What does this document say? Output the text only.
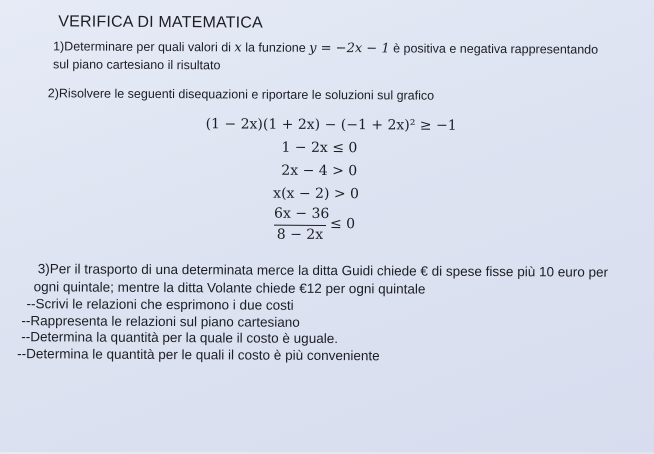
VERIFICA DI MATEMATICA
1)Determinare per quali valori di x la funzione y = −2x − 1 è positiva e negativa rappresentando
sul piano cartesiano il risultato
2)Risolvere le seguenti disequazioni e riportare le soluzioni sul grafico
(1 − 2x)(1 + 2x) − (−1 + 2x)² ≥ −1
1 − 2x ≤ 0
2x − 4 > 0
x(x − 2) > 0
6x − 36
8 − 2x
≤ 0
3)Per il trasporto di una determinata merce la ditta Guidi chiede € di spese fisse più 10 euro per
ogni quintale; mentre la ditta Volante chiede €12 per ogni quintale
--Scrivi le relazioni che esprimono i due costi
--Rappresenta le relazioni sul piano cartesiano
--Determina la quantità per la quale il costo è uguale.
--Determina le quantità per le quali il costo è più conveniente
